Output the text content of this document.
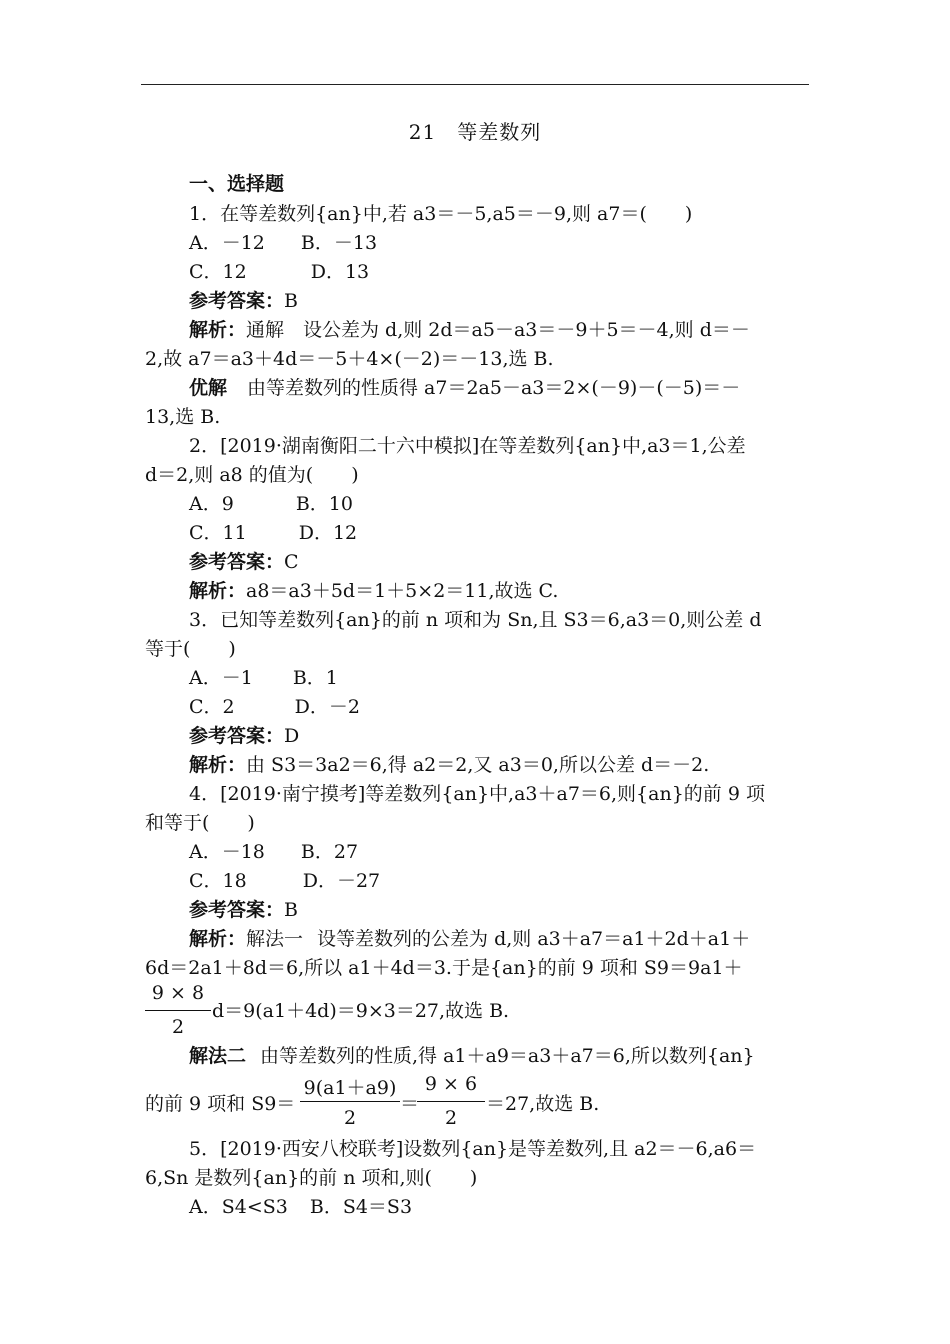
21　等差数列
一、选择题
1．在等差数列{an}中,若 a3＝－5,a5＝－9,则 a7＝(　　)
A．－12 B．－13
C．12	D．13
参考答案：B
解析：通解　设公差为 d,则 2d＝a5－a3＝－9＋5＝－4,则 d＝－
2,故 a7＝a3＋4d＝－5＋4×(－2)＝－13,选 B.
优解 由等差数列的性质得 a7＝2a5－a3＝2×(－9)－(－5)＝－
13,选 B.
2．[2019·湖南衡阳二十六中模拟]在等差数列{an}中,a3＝1,公差
d＝2,则 a8 的值为(　　)
A．9	B．10
C．11	D．12
参考答案：C
解析：a8＝a3＋5d＝1＋5×2＝11,故选 C.
3．已知等差数列{an}的前 n 项和为 Sn,且 S3＝6,a3＝0,则公差 d
等于(　　)
A．－1 B．1
C．2	D．－2
参考答案：D
解析：由 S3＝3a2＝6,得 a2＝2,又 a3＝0,所以公差 d＝－2.
4．[2019·南宁摸考]等差数列{an}中,a3＋a7＝6,则{an}的前 9 项
和等于(　　)
A．－18 B．27
C．18	D．－27
参考答案：B
解析：解法一 设等差数列的公差为 d,则 a3＋a7＝a1＋2d＋a1＋
6d＝2a1＋8d＝6,所以 a1＋4d＝3.于是{an}的前 9 项和 S9＝9a1＋
9 × 8
2
d＝9(a1＋4d)＝9×3＝27,故选 B.
解法二 由等差数列的性质,得 a1＋a9＝a3＋a7＝6,所以数列{an}
的前 9 项和 S9＝
9(a1＋a9)
2
＝
9 × 6
2
＝27,故选 B.
5．[2019·西安八校联考]设数列{an}是等差数列,且 a2＝－6,a6＝
6,Sn 是数列{an}的前 n 项和,则(　　)
A．S4<S3 B．S4＝S3
